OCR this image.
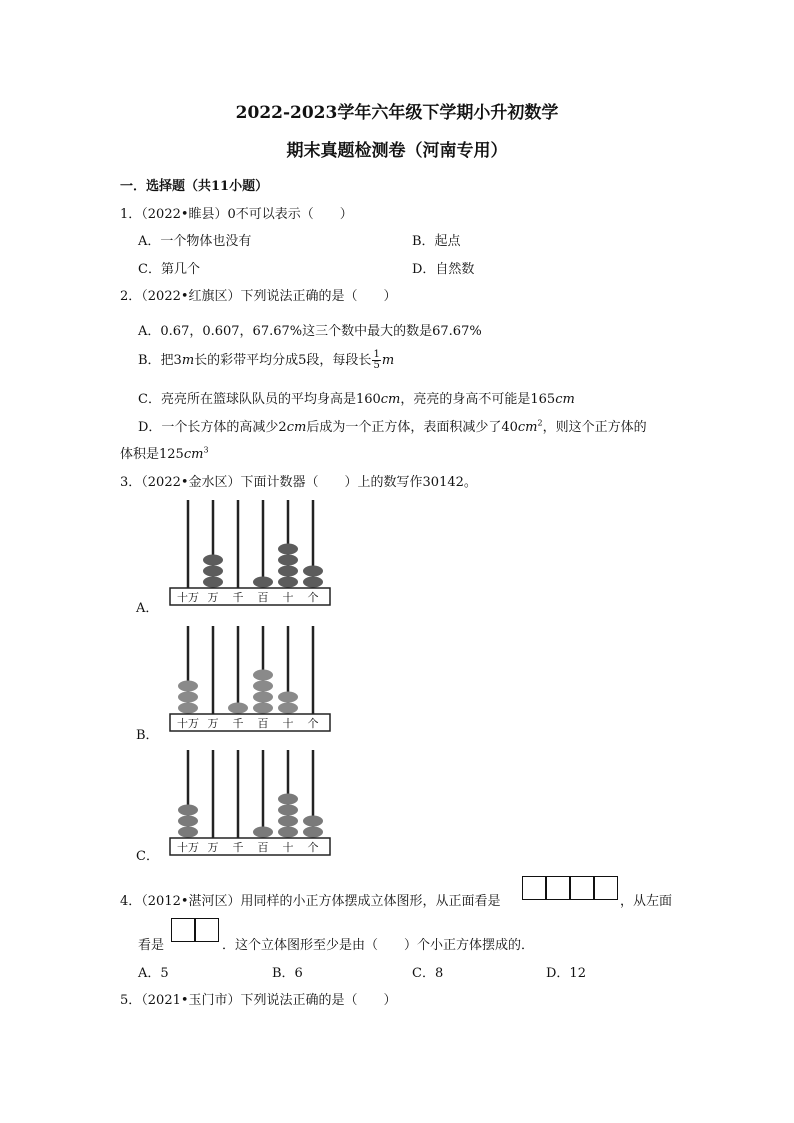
2022-2023学年六年级下学期小升初数学
期末真题检测卷（河南专用）
一．选择题（共11小题）
1．（2022•睢县）0不可以表示（　　）
A．一个物体也没有	B．起点
C．第几个	D．自然数
2．（2022•红旗区）下列说法正确的是（　　）
A．0.67，0.607，67.67%这三个数中最大的数是67.67%
B．把3m长的彩带平均分成5段，每段长 $\frac{1}{5}$ m
C．亮亮所在篮球队队员的平均身高是160cm，亮亮的身高不可能是165cm
D．一个长方体的高减少2cm后成为一个正方体，表面积减少了$40cm^2$，则这个正方体的
体积是$125cm^3$
3．（2022•金水区）下面计数器（　　）上的数写作30142。
A．
十万 万 千 百 十 个
B．
十万 万 千 百 十 个
C．
十万 万 千 百 十 个
4．（2012•湛河区）用同样的小正方体摆成立体图形，从正面看是	，从左面
看是	．这个立体图形至少是由（　　）个小正方体摆成的．
A．5	B．6	C．8	D．12
5．（2021•玉门市）下列说法正确的是（　　）
